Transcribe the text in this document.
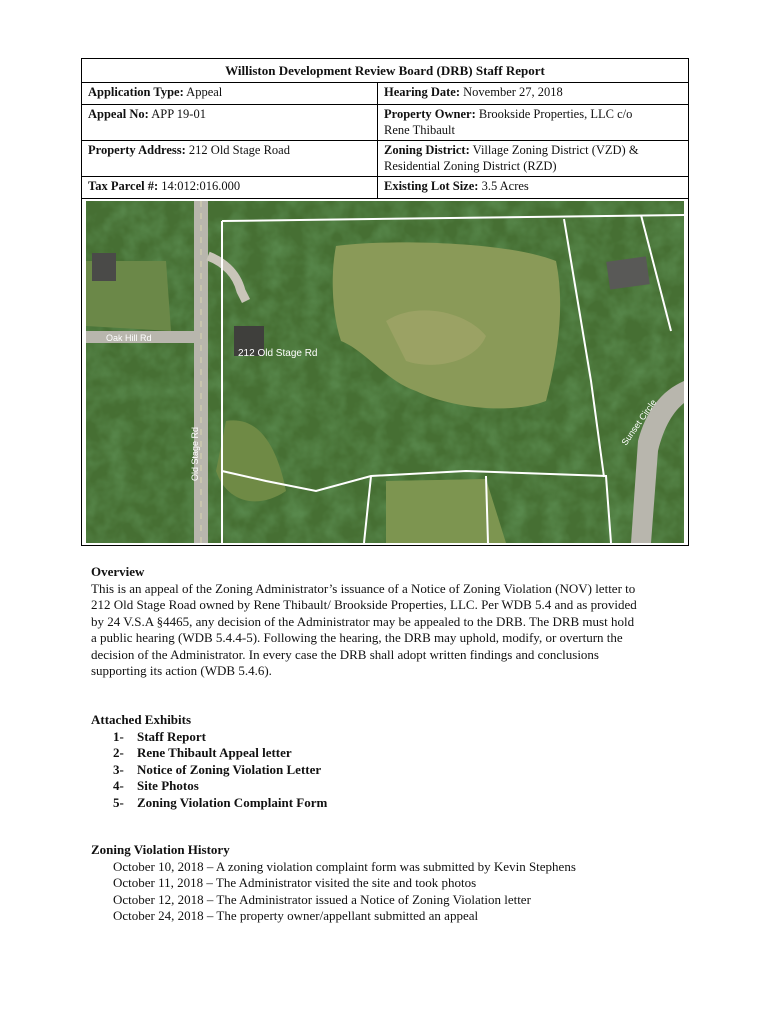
Williston Development Review Board (DRB) Staff Report
Application Type: Appeal	Hearing Date: November 27, 2018
Appeal No: APP 19-01	Property Owner: Brookside Properties, LLC c/o
Rene Thibault
Property Address: 212 Old Stage Road	Zoning District: Village Zoning District (VZD) &
Residential Zoning District (RZD)
Tax Parcel #: 14:012:016.000	Existing Lot Size: 3.5 Acres
Oak Hill Rd
212 Old Stage Rd
Old Stage Rd
Sunset Circle
Overview

This is an appeal of the Zoning Administrator’s issuance of a Notice of Zoning Violation (NOV) letter to

212 Old Stage Road owned by Rene Thibault/ Brookside Properties, LLC. Per WDB 5.4 and as provided

by 24 V.S.A §4465, any decision of the Administrator may be appealed to the DRB. The DRB must hold

a public hearing (WDB 5.4.4-5). Following the hearing, the DRB may uphold, modify, or overturn the

decision of the Administrator. In every case the DRB shall adopt written findings and conclusions

supporting its action (WDB 5.4.6).

Attached Exhibits
1- Staff Report
2- Rene Thibault Appeal letter
3- Notice of Zoning Violation Letter
4- Site Photos
5- Zoning Violation Complaint Form
Zoning Violation History
October 10, 2018 – A zoning violation complaint form was submitted by Kevin Stephens
October 11, 2018 – The Administrator visited the site and took photos
October 12, 2018 – The Administrator issued a Notice of Zoning Violation letter
October 24, 2018 – The property owner/appellant submitted an appeal
